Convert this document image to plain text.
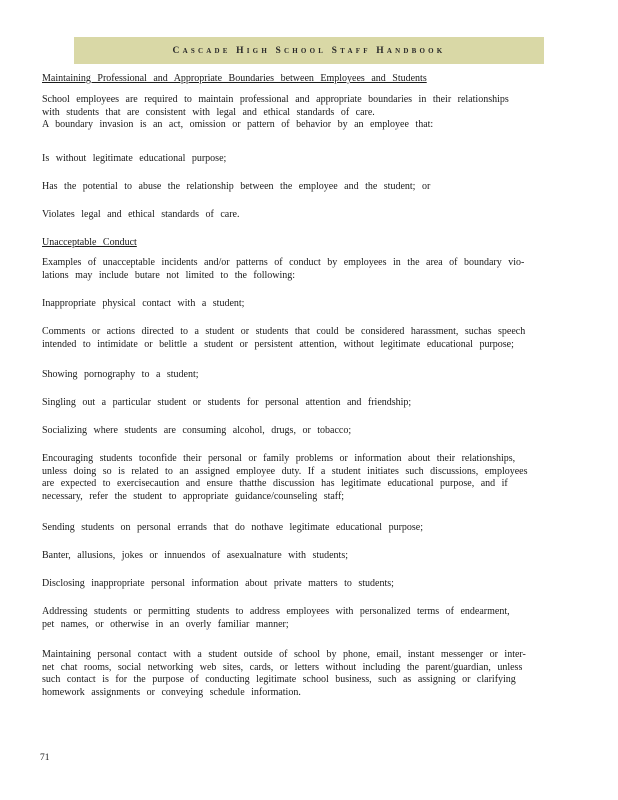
Cascade High School Staff Handbook

Maintaining Professional and Appropriate Boundaries between Employees and Students

School employees are required to maintain professional and appropriate boundaries in their relationships
with students that are consistent with legal and ethical standards of care.
A boundary invasion is an act, omission or pattern of behavior by an employee that:

Is without legitimate educational purpose;

Has the potential to abuse the relationship between the employee and the student; or

Violates legal and ethical standards of care.

Unacceptable Conduct

Examples of unacceptable incidents and/or patterns of conduct by employees in the area of boundary vio-
lations may include butare not limited to the following:

Inappropriate physical contact with a student;

Comments or actions directed to a student or students that could be considered harassment, suchas speech
intended to intimidate or belittle a student or persistent attention, without legitimate educational purpose;

Showing pornography to a student;

Singling out a particular student or students for personal attention and friendship;

Socializing where students are consuming alcohol, drugs, or tobacco;

Encouraging students toconfide their personal or family problems or information about their relationships,
unless doing so is related to an assigned employee duty. If a student initiates such discussions, employees
are expected to exercisecaution and ensure thatthe discussion has legitimate educational purpose, and if
necessary, refer the student to appropriate guidance/counseling staff;

Sending students on personal errands that do nothave legitimate educational purpose;

Banter, allusions, jokes or innuendos of asexualnature with students;

Disclosing inappropriate personal information about private matters to students;

Addressing students or permitting students to address employees with personalized terms of endearment,
pet names, or otherwise in an overly familiar manner;

Maintaining personal contact with a student outside of school by phone, email, instant messenger or inter-
net chat rooms, social networking web sites, cards, or letters without including the parent/guardian, unless
such contact is for the purpose of conducting legitimate school business, such as assigning or clarifying
homework assignments or conveying schedule information.

71
